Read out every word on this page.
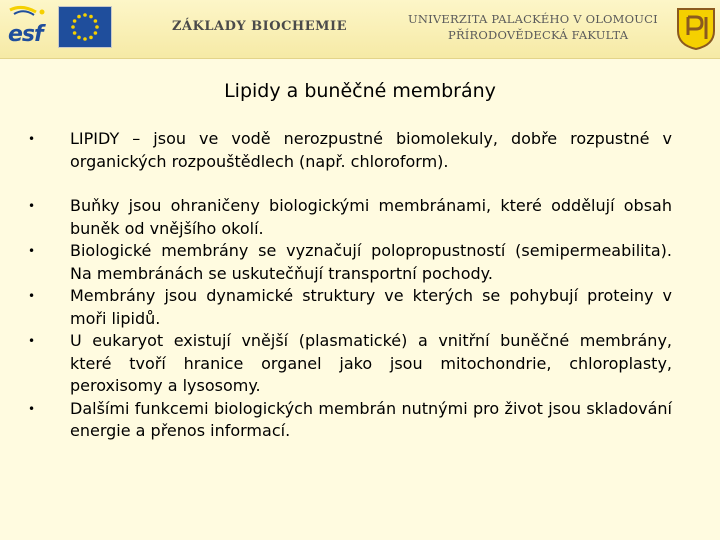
esf	ZÁKLADY BIOCHEMIE	UNIVERZITA PALACKÉHO V OLOMOUCI
PŘÍRODOVĚDECKÁ FAKULTA
Lipidy a buněčné membrány
• LIPIDY – jsou ve vodě nerozpustné biomolekuly, dobře rozpustné v organických rozpouštědlech (např. chloroform).
• Buňky jsou ohraničeny biologickými membránami, které oddělují obsah buněk od vnějšího okolí.
• Biologické membrány se vyznačují polopropustností (semipermeabilita). Na membránách se uskutečňují transportní pochody.
• Membrány jsou dynamické struktury ve kterých se pohybují proteiny v moři lipidů.
• U eukaryot existují vnější (plasmatické) a vnitřní buněčné membrány, které tvoří hranice organel jako jsou mitochondrie, chloroplasty, peroxisomy a lysosomy.
• Dalšími funkcemi biologických membrán nutnými pro život jsou skladování energie a přenos informací.
